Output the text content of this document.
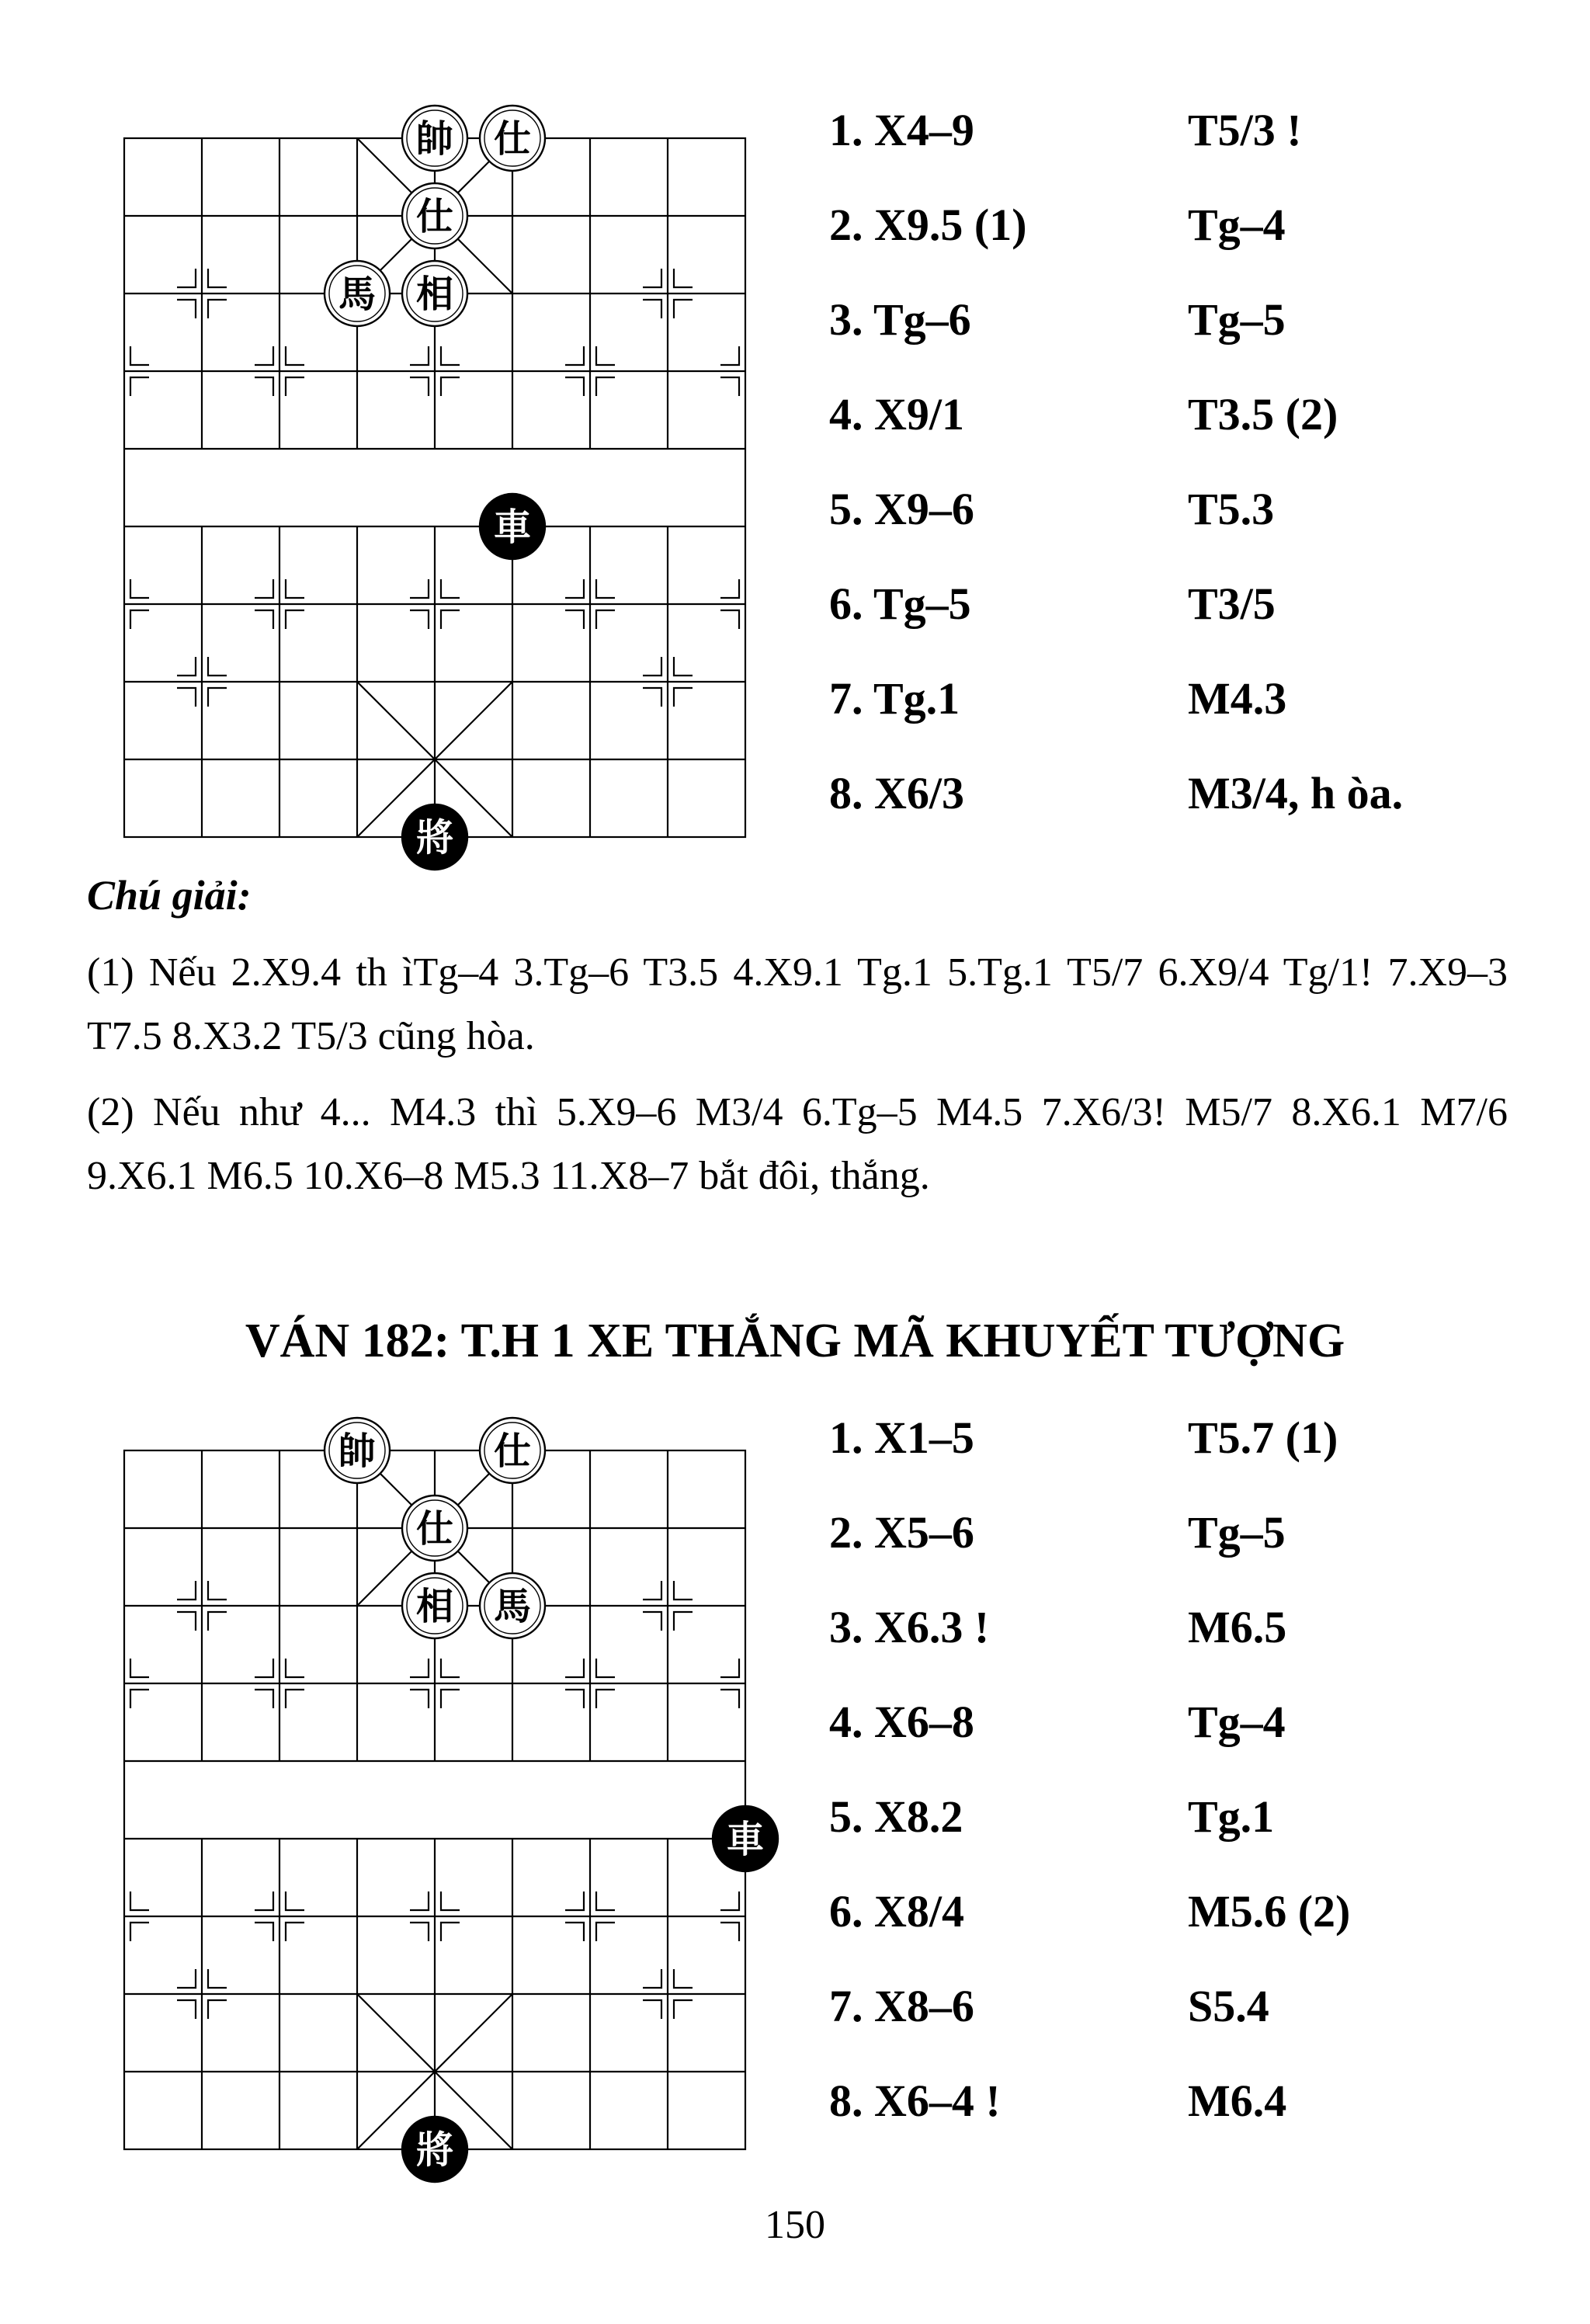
帥 仕
仕
馬 相
車
將
1. X4–9	T5/3 !
2. X9.5 (1)	Tg–4
3. Tg–6	Tg–5
4. X9/1	T3.5 (2)
5. X9–6	T5.3
6. Tg–5	T3/5
7. Tg.1	M4.3
8. X6/3	M3/4, h òa.
Chú giải:
(1) Nếu 2.X9.4 th ìTg–4 3.Tg–6 T3.5 4.X9.1 Tg.1 5.Tg.1 T5/7 6.X9/4 Tg/1! 7.X9–3 T7.5 8.X3.2 T5/3 cũng hòa.
(2) Nếu như 4... M4.3 thì 5.X9–6 M3/4 6.Tg–5 M4.5 7.X6/3! M5/7 8.X6.1 M7/6 9.X6.1 M6.5 10.X6–8 M5.3 11.X8–7 bắt đôi, thắng.
VÁN 182: T.H 1 XE THẮNG MÃ KHUYẾT TƯỢNG
帥	仕
仕
相 馬
車
將
1. X1–5	T5.7 (1)
2. X5–6	Tg–5
3. X6.3 !	M6.5
4. X6–8	Tg–4
5. X8.2	Tg.1
6. X8/4	M5.6 (2)
7. X8–6	S5.4
8. X6–4 !	M6.4
150
